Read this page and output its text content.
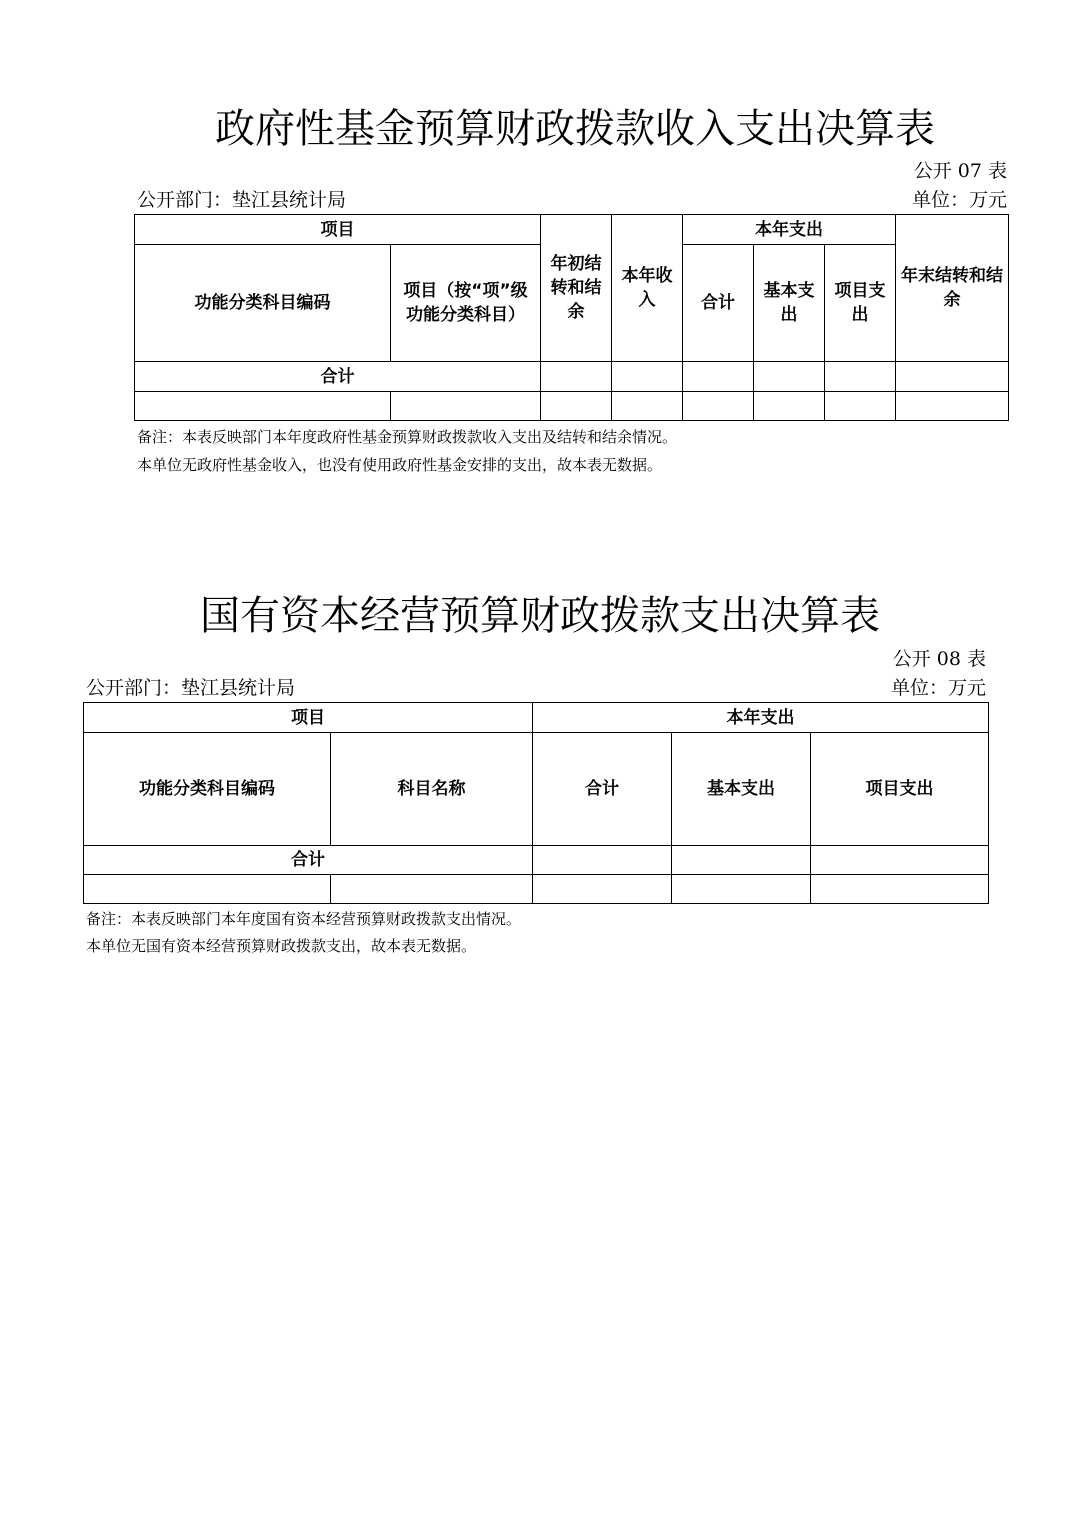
政府性基金预算财政拨款收入支出决算表
公开 07 表
公开部门：垫江县统计局	单位：万元
项目		年初结转和结余	本年收入	本年支出			年末结转和结余
功能分类科目编码	项目（按“项”级功能分类科目）			合计	基本支出	项目支出	
合计							

备注：本表反映部门本年度政府性基金预算财政拨款收入支出及结转和结余情况。
本单位无政府性基金收入，也没有使用政府性基金安排的支出，故本表无数据。
国有资本经营预算财政拨款支出决算表
公开 08 表
公开部门：垫江县统计局	单位：万元
项目		本年支出		
功能分类科目编码	科目名称	合计	基本支出	项目支出
合计				

备注：本表反映部门本年度国有资本经营预算财政拨款支出情况。
本单位无国有资本经营预算财政拨款支出，故本表无数据。
